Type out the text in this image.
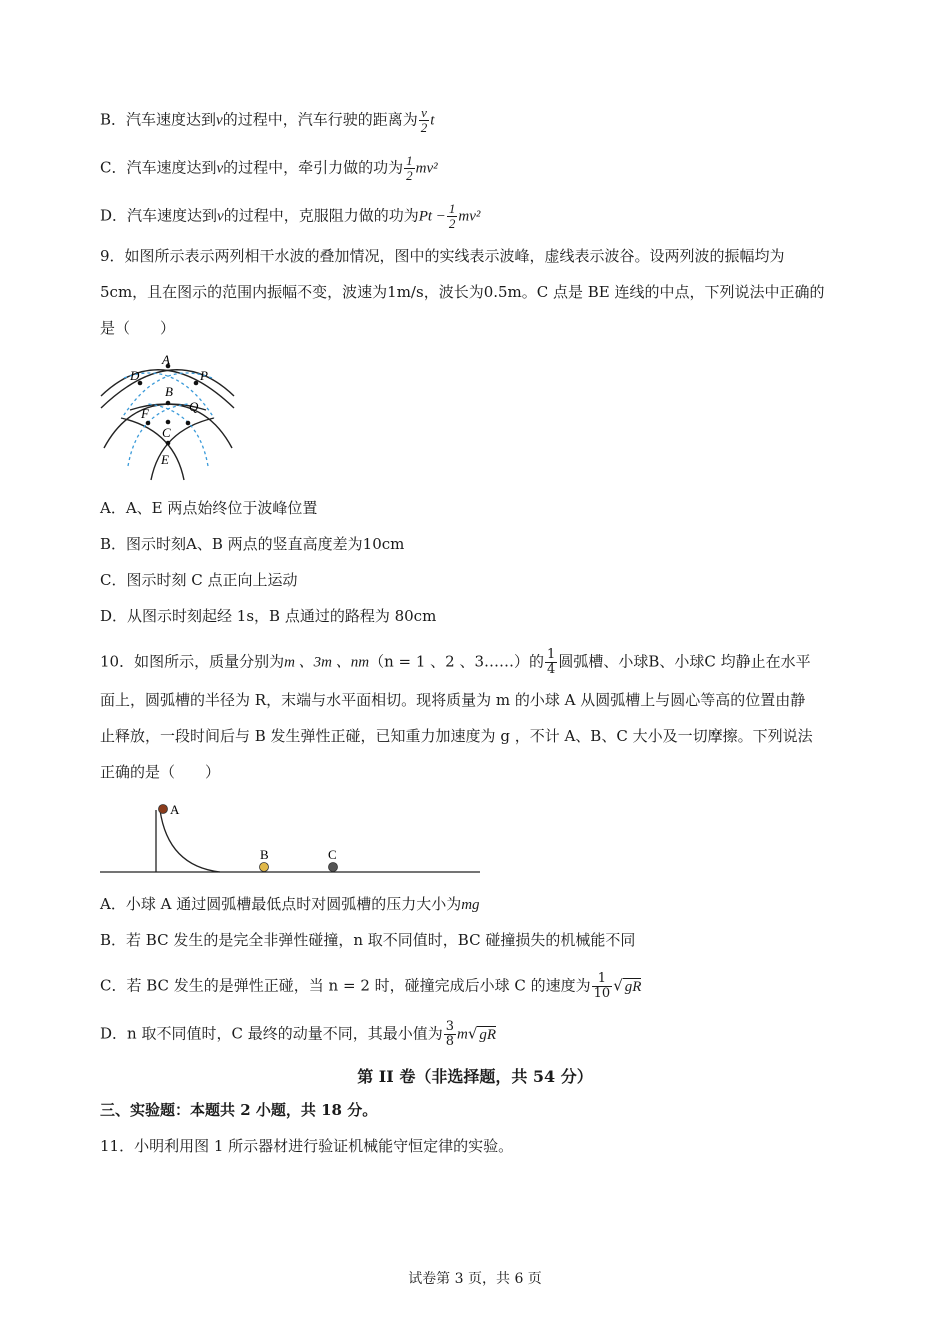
B．汽车速度达到v的过程中，汽车行驶的距离为 $\frac{v}{2}$ t
C．汽车速度达到v的过程中，牵引力做的功为 $\frac{1}{2} mv^2$
D．汽车速度达到v的过程中，克服阻力做的功为$Pt - \frac{1}{2} mv^2$
9．如图所示表示两列相干水波的叠加情况，图中的实线表示波峰，虚线表示波谷。设两列波的振幅均为
5cm，且在图示的范围内振幅不变，波速为1m/s，波长为0.5m。C 点是 BE 连线的中点，下列说法中正确的
是（　　）
A
D	P
B
F	Q
C
E
A．A、E 两点始终位于波峰位置
B．图示时刻A、B 两点的竖直高度差为10cm
C．图示时刻 C 点正向上运动
D．从图示时刻起经 1s，B 点通过的路程为 80cm
10．如图所示，质量分别为m 、3m 、nm（n = 1 、2 、3……）的 $\frac{1}{4}$ 圆弧槽、小球B、小球C 均静止在水平
面上，圆弧槽的半径为 R，末端与水平面相切。现将质量为 m 的小球 A 从圆弧槽上与圆心等高的位置由静
止释放，一段时间后与 B 发生弹性正碰，已知重力加速度为 g ，不计 A、B、C 大小及一切摩擦。下列说法
正确的是（　　）
A
B	C
A．小球 A 通过圆弧槽最低点时对圆弧槽的压力大小为mg
B．若 BC 发生的是完全非弹性碰撞，n 取不同值时，BC 碰撞损失的机械能不同
C．若 BC 发生的是弹性正碰，当 n = 2 时，碰撞完成后小球 C 的速度为 $\frac{1}{10}$ √ gR
D．n 取不同值时，C 最终的动量不同，其最小值为 $\frac{3}{8} m√$ gR
第 II 卷（非选择题，共 54 分）
三、实验题：本题共 2 小题，共 18 分。
11．小明利用图 1 所示器材进行验证机械能守恒定律的实验。
试卷第 3 页，共 6 页
